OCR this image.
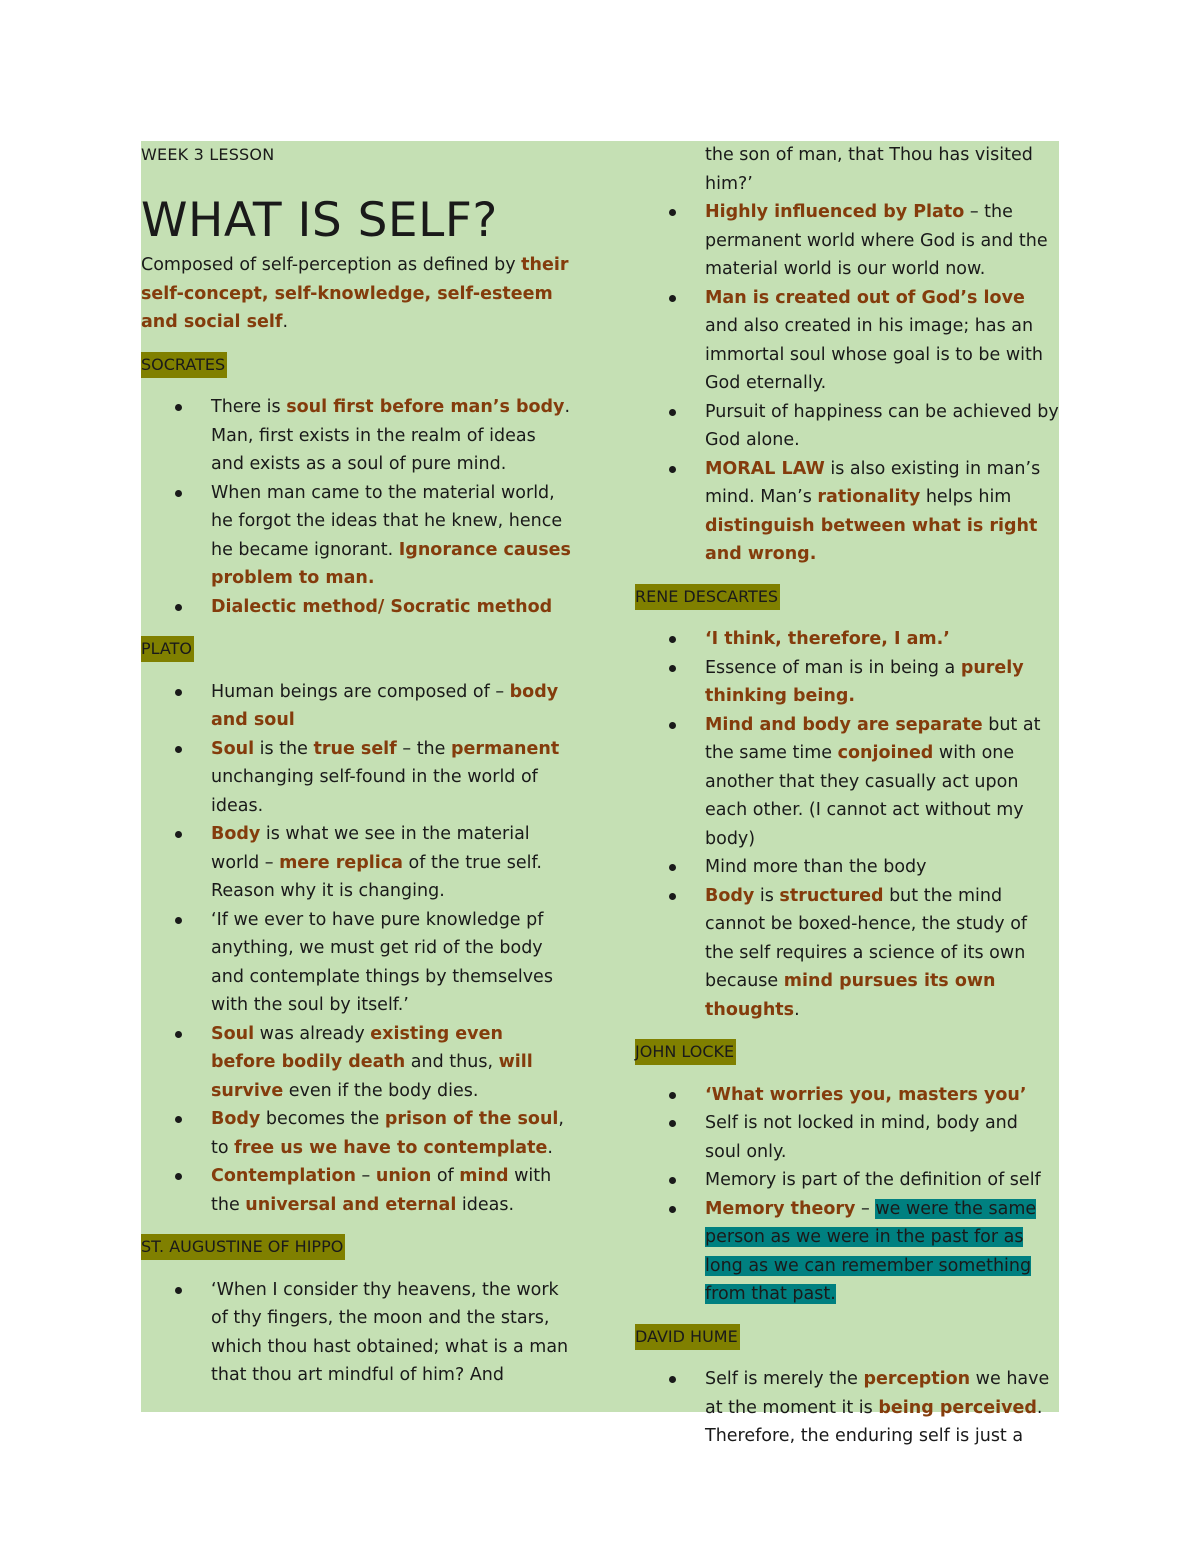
WEEK 3 LESSON
WHAT IS SELF?

Composed of self-perception as defined by their self-concept, self-knowledge, self-esteem and social self.

SOCRATES
There is soul first before man’s body. Man, first exists in the realm of ideas and exists as a soul of pure mind.
When man came to the material world, he forgot the ideas that he knew, hence he became ignorant. Ignorance causes problem to man.
Dialectic method/ Socratic method
PLATO
Human beings are composed of – body and soul
Soul is the true self – the permanent unchanging self-found in the world of ideas.
Body is what we see in the material world – mere replica of the true self. Reason why it is changing.
‘If we ever to have pure knowledge pf anything, we must get rid of the body and contemplate things by themselves with the soul by itself.’
Soul was already existing even before bodily death and thus, will survive even if the body dies.
Body becomes the prison of the soul, to free us we have to contemplate.
Contemplation – union of mind with the universal and eternal ideas.
ST. AUGUSTINE OF HIPPO
‘When I consider thy heavens, the work of thy fingers, the moon and the stars, which thou hast obtained; what is a man that thou art mindful of him? And
the son of man, that Thou has visited him?’
Highly influenced by Plato – the permanent world where God is and the material world is our world now.
Man is created out of God’s love and also created in his image; has an immortal soul whose goal is to be with God eternally.
Pursuit of happiness can be achieved by God alone.
MORAL LAW is also existing in man’s mind. Man’s rationality helps him distinguish between what is right and wrong.
RENE DESCARTES
‘I think, therefore, I am.’
Essence of man is in being a purely thinking being.
Mind and body are separate but at the same time conjoined with one another that they casually act upon each other. (I cannot act without my body)
Mind more than the body
Body is structured but the mind cannot be boxed-hence, the study of the self requires a science of its own because mind pursues its own thoughts.
JOHN LOCKE
‘What worries you, masters you’
Self is not locked in mind, body and soul only.
Memory is part of the definition of self
Memory theory – we were the same person as we were in the past for as long as we can remember something from that past.
DAVID HUME
Self is merely the perception we have at the moment it is being perceived. Therefore, the enduring self is just a
